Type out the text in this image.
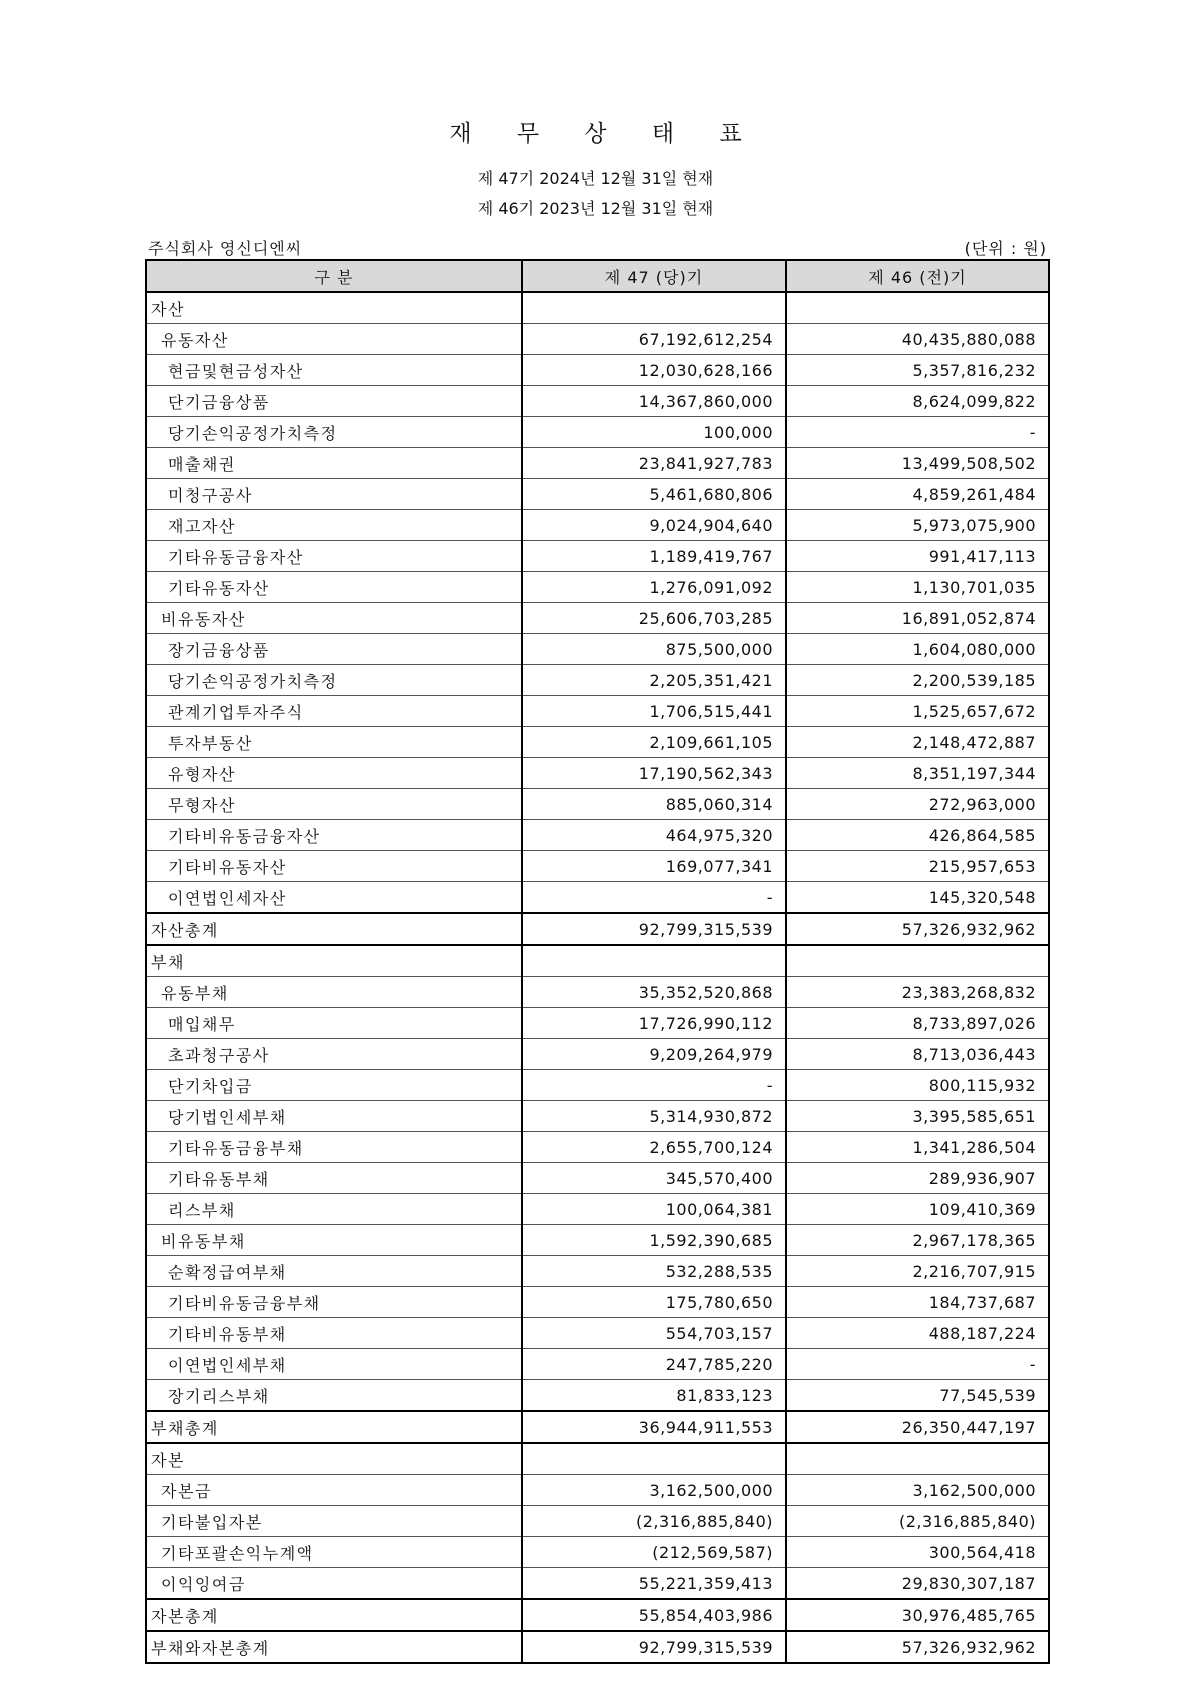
재 무 상 태 표
제 47기 2024년 12월 31일 현재
제 46기 2023년 12월 31일 현재
주식회사 영신디엔씨	(단위 : 원)
구 분	제 47 (당)기	제 46 (전)기
자산		
유동자산	67,192,612,254	40,435,880,088
현금및현금성자산	12,030,628,166	5,357,816,232
단기금융상품	14,367,860,000	8,624,099,822
당기손익공정가치측정	100,000	-
매출채권	23,841,927,783	13,499,508,502
미청구공사	5,461,680,806	4,859,261,484
재고자산	9,024,904,640	5,973,075,900
기타유동금융자산	1,189,419,767	991,417,113
기타유동자산	1,276,091,092	1,130,701,035
비유동자산	25,606,703,285	16,891,052,874
장기금융상품	875,500,000	1,604,080,000
당기손익공정가치측정	2,205,351,421	2,200,539,185
관계기업투자주식	1,706,515,441	1,525,657,672
투자부동산	2,109,661,105	2,148,472,887
유형자산	17,190,562,343	8,351,197,344
무형자산	885,060,314	272,963,000
기타비유동금융자산	464,975,320	426,864,585
기타비유동자산	169,077,341	215,957,653
이연법인세자산	-	145,320,548
자산총계	92,799,315,539	57,326,932,962
부채		
유동부채	35,352,520,868	23,383,268,832
매입채무	17,726,990,112	8,733,897,026
초과청구공사	9,209,264,979	8,713,036,443
단기차입금	-	800,115,932
당기법인세부채	5,314,930,872	3,395,585,651
기타유동금융부채	2,655,700,124	1,341,286,504
기타유동부채	345,570,400	289,936,907
리스부채	100,064,381	109,410,369
비유동부채	1,592,390,685	2,967,178,365
순확정급여부채	532,288,535	2,216,707,915
기타비유동금융부채	175,780,650	184,737,687
기타비유동부채	554,703,157	488,187,224
이연법인세부채	247,785,220	-
장기리스부채	81,833,123	77,545,539
부채총계	36,944,911,553	26,350,447,197
자본		
자본금	3,162,500,000	3,162,500,000
기타불입자본	(2,316,885,840)	(2,316,885,840)
기타포괄손익누계액	(212,569,587)	300,564,418
이익잉여금	55,221,359,413	29,830,307,187
자본총계	55,854,403,986	30,976,485,765
부채와자본총계	92,799,315,539	57,326,932,962
